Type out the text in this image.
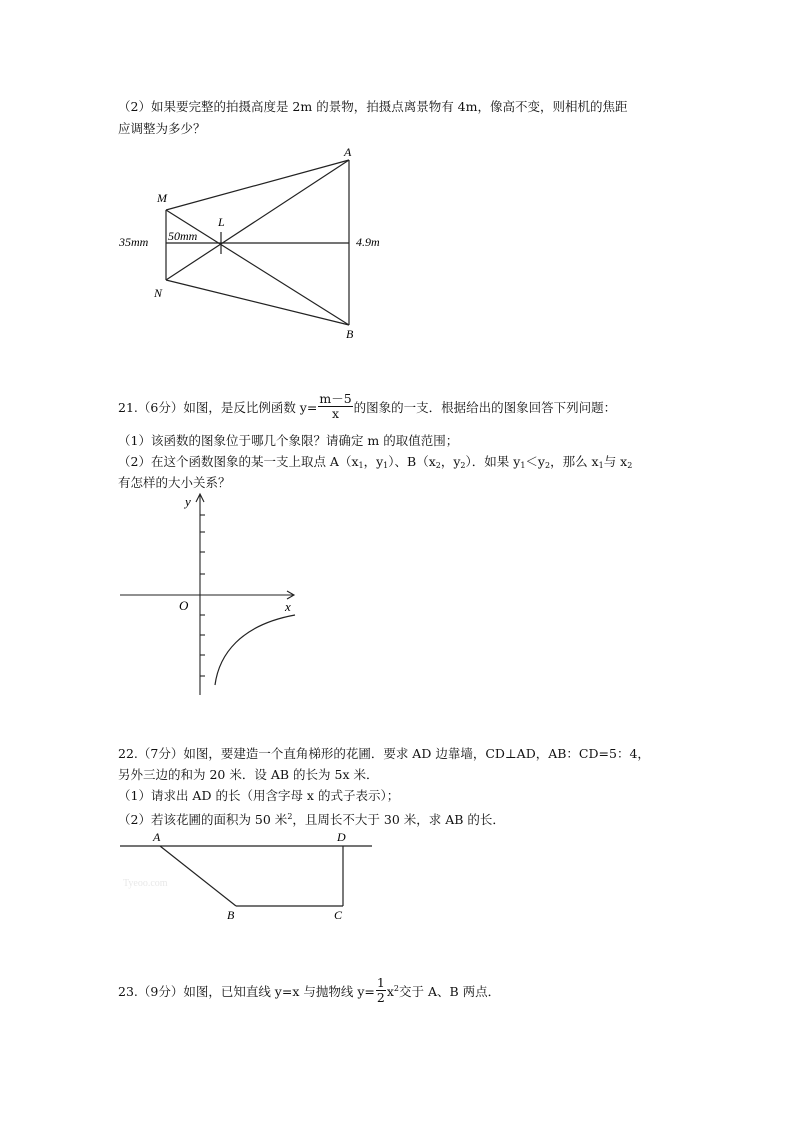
（2）如果要完整的拍摄高度是 2m 的景物，拍摄点离景物有 4m，像高不变，则相机的焦距
应调整为多少？
A
B
M
N
L
35mm 50mm	4.9m
21.（6分）如图，是反比例函数 $y= \frac{m-5}{x}$ 的图象的一支．根据给出的图象回答下列问题：
（1）该函数的图象位于哪几个象限？请确定 m 的取值范围；
（2）在这个函数图象的某一支上取点 $A(x_1$，$y_1$）、$B(x_2$，$y_2$）．如果 $y_1<y_2$，那么 $x_1$与 $x_2$
有怎样的大小关系？
y
x
O
22.（7分）如图，要建造一个直角梯形的花圃．要求 AD 边靠墙，CD⊥AD，AB：CD=5：4，
另外三边的和为 20 米．设 AB 的长为 5x 米．
（1）请求出 AD 的长（用含字母 x 的式子表示）；
（2）若该花圃的面积为 50 米$^2$，且周长不大于 30 米，求 AB 的长．
A	D
B	C
Tyeoo.com
23.（9分）如图，已知直线 y=x 与抛物线 $y= \frac{1}{2} x^2$交于 A、B 两点．
